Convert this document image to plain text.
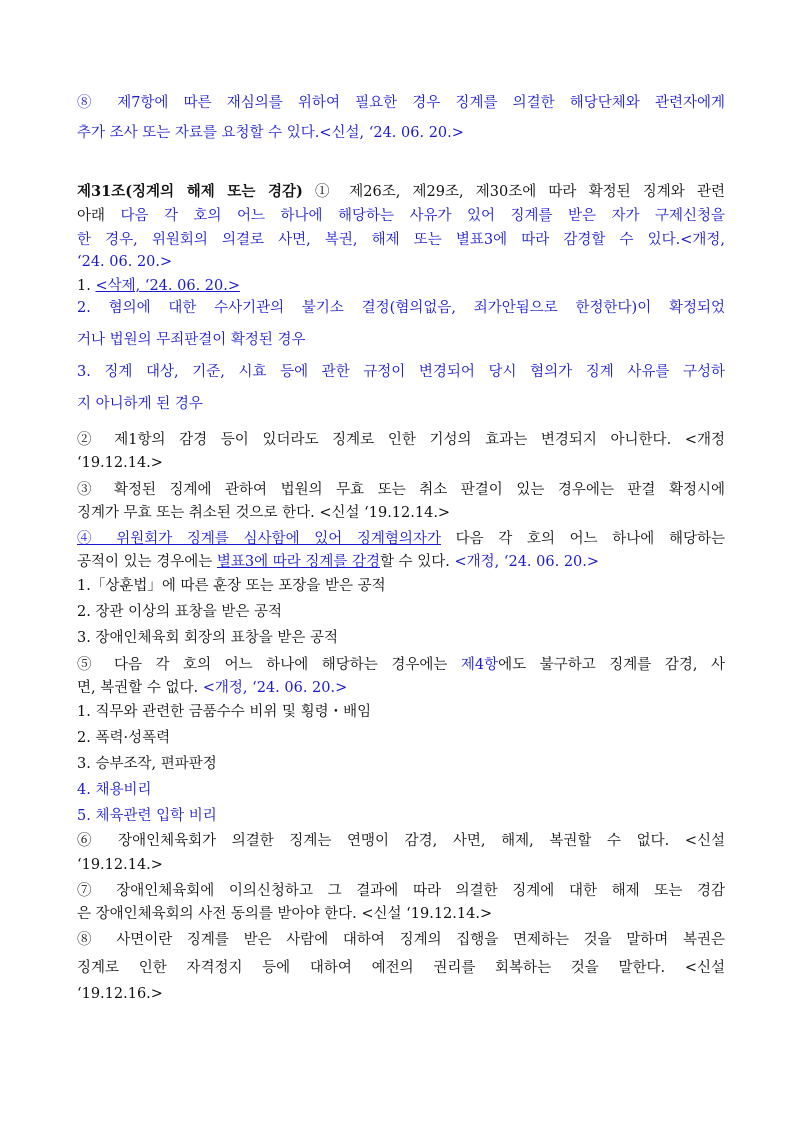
⑧ 제7항에 따른 재심의를 위하여 필요한 경우 징계를 의결한 해당단체와 관련자에게
추가 조사 또는 자료를 요청할 수 있다.<신설, ‘24. 06. 20.>
제31조(징계의 해제 또는 경감) ① 제26조, 제29조, 제30조에 따라 확정된 징계와 관련
아래 다음 각 호의 어느 하나에 해당하는 사유가 있어 징계를 받은 자가 구제신청을
한 경우, 위원회의 의결로 사면, 복권, 해제 또는 별표3에 따라 감경할 수 있다.<개정,
‘24. 06. 20.>
1. <삭제, ‘24. 06. 20.>
2. 혐의에 대한 수사기관의 불기소 결정(혐의없음, 죄가안됨으로 한정한다)이 확정되었
거나 법원의 무죄판결이 확정된 경우
3. 징계 대상, 기준, 시효 등에 관한 규정이 변경되어 당시 혐의가 징계 사유를 구성하
지 아니하게 된 경우
② 제1항의 감경 등이 있더라도 징계로 인한 기성의 효과는 변경되지 아니한다. <개정
‘19.12.14.>
③ 확정된 징계에 관하여 법원의 무효 또는 취소 판결이 있는 경우에는 판결 확정시에
징계가 무효 또는 취소된 것으로 한다. <신설 ‘19.12.14.>
④ 위원회가 징계를 심사함에 있어 징계혐의자가 다음 각 호의 어느 하나에 해당하는
공적이 있는 경우에는 별표3에 따라 징계를 감경할 수 있다. <개정, ‘24. 06. 20.>
1.「상훈법」에 따른 훈장 또는 포장을 받은 공적
2. 장관 이상의 표창을 받은 공적
3. 장애인체육회 회장의 표창을 받은 공적
⑤ 다음 각 호의 어느 하나에 해당하는 경우에는 제4항에도 불구하고 징계를 감경, 사
면, 복권할 수 없다. <개정, ‘24. 06. 20.>
1. 직무와 관련한 금품수수 비위 및 횡령・배임
2. 폭력·성폭력
3. 승부조작, 편파판정
4. 채용비리
5. 체육관련 입학 비리
⑥ 장애인체육회가 의결한 징계는 연맹이 감경, 사면, 해제, 복권할 수 없다. <신설
‘19.12.14.>
⑦ 장애인체육회에 이의신청하고 그 결과에 따라 의결한 징계에 대한 해제 또는 경감
은 장애인체육회의 사전 동의를 받아야 한다. <신설 ‘19.12.14.>
⑧ 사면이란 징계를 받은 사람에 대하여 징계의 집행을 면제하는 것을 말하며 복권은
징계로 인한 자격정지 등에 대하여 예전의 권리를 회복하는 것을 말한다. <신설
‘19.12.16.>
